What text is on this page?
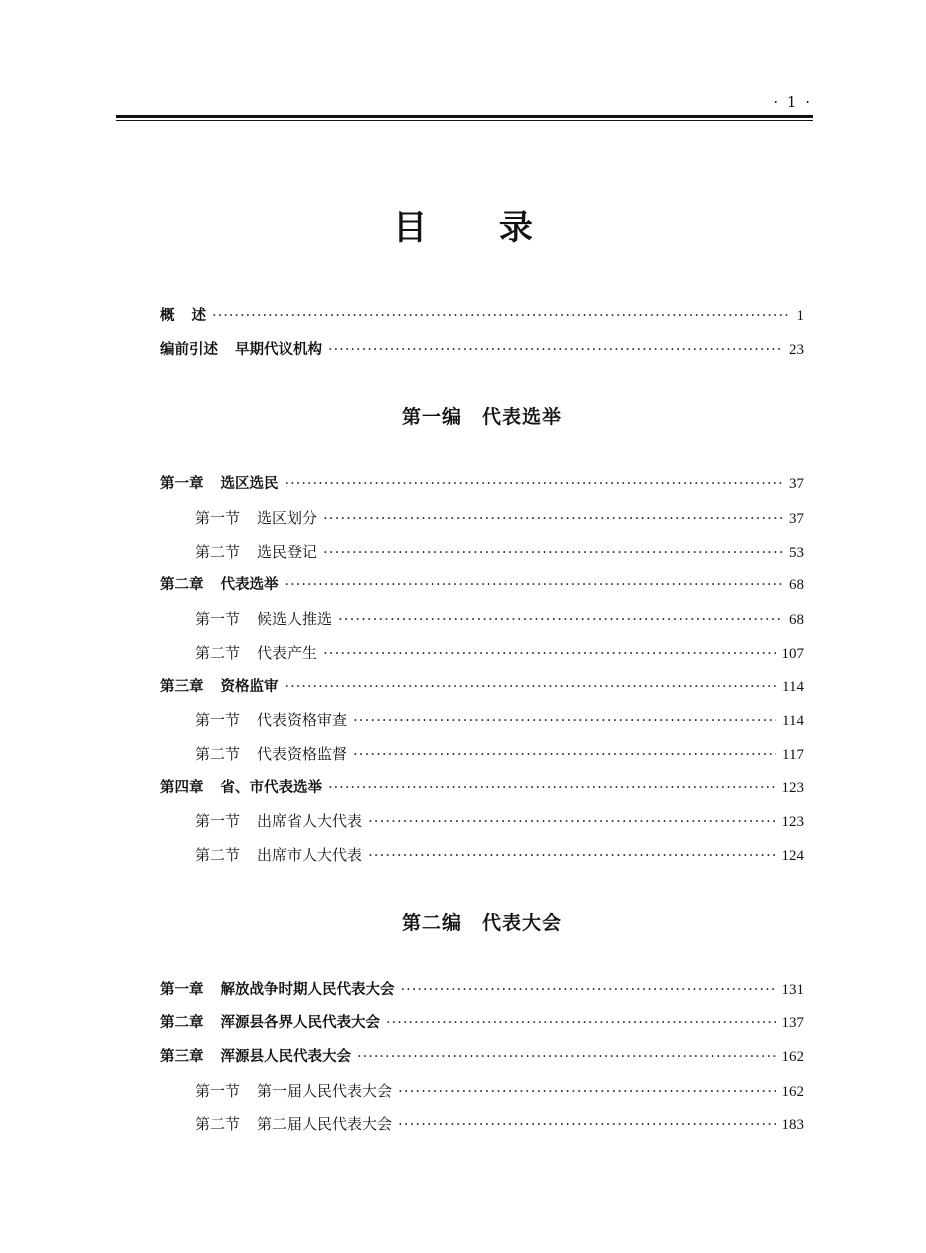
· 1 ·
目 录
概 述 ·····	1
编前引述 早期代议机构 ·····	23
第一编　代表选举
第一章 选区选民 ·····	37
第一节 选区划分 ·····	37
第二节 选民登记 ·····	53
第二章 代表选举 ·····	68
第一节 候选人推选 ·····	68
第二节 代表产生 ·····	107
第三章 资格监审 ·····	114
第一节 代表资格审查 ·····	114
第二节 代表资格监督 ·····	117
第四章 省、市代表选举 ·····	123
第一节 出席省人大代表 ·····	123
第二节 出席市人大代表 ·····	124
第二编　代表大会
第一章 解放战争时期人民代表大会 ·····	131
第二章 浑源县各界人民代表大会 ·····	137
第三章 浑源县人民代表大会 ·····	162
第一节 第一届人民代表大会 ·····	162
第二节 第二届人民代表大会 ·····	183
